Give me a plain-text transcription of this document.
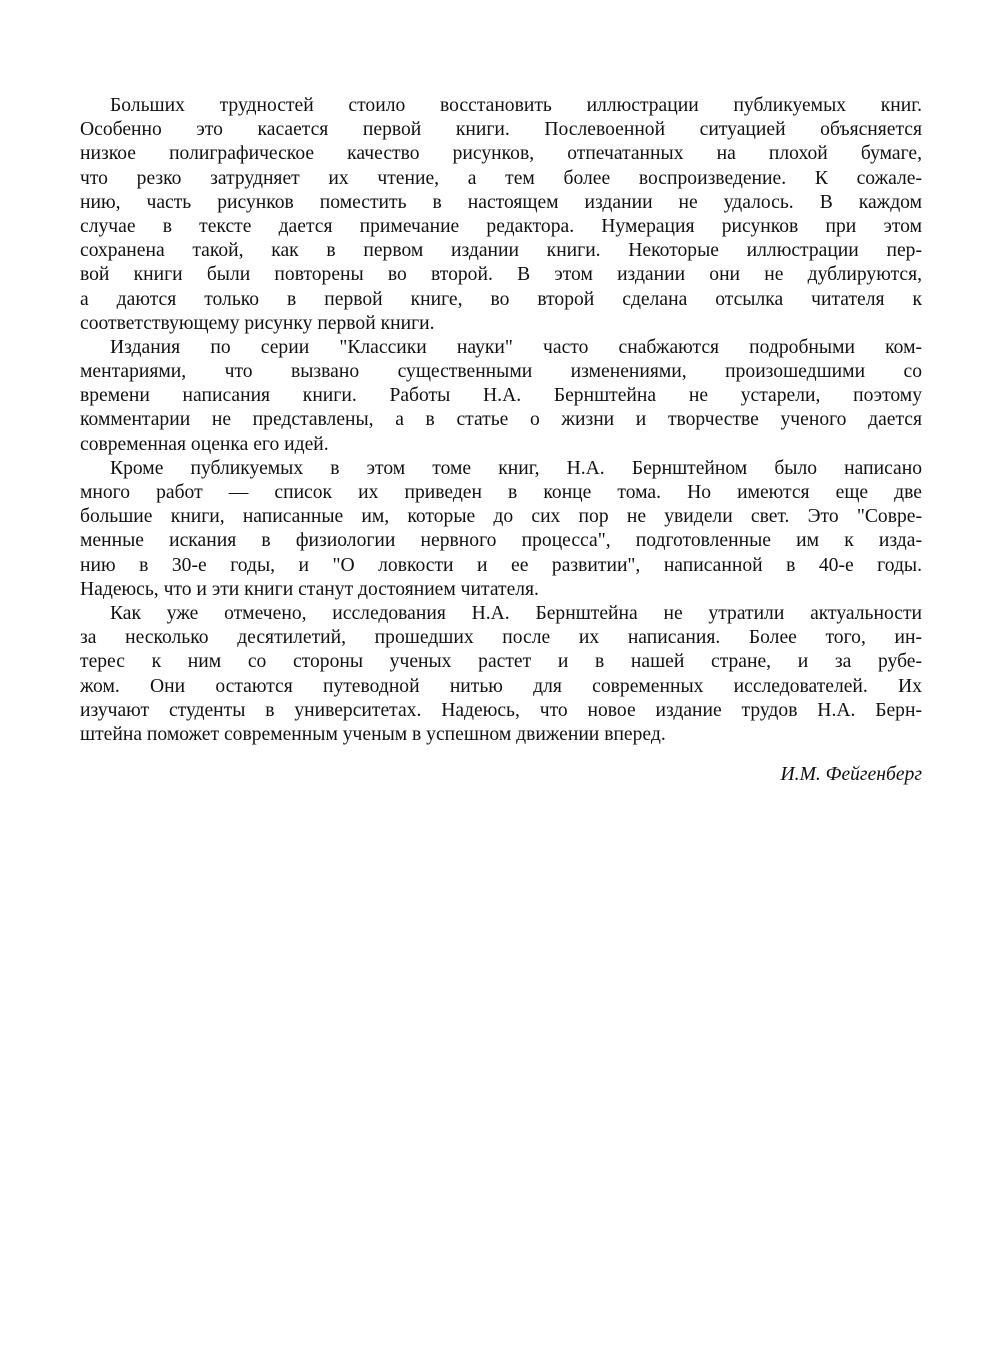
Больших трудностей стоило восстановить иллюстрации публикуемых книг.
Особенно это касается первой книги. Послевоенной ситуацией объясняется
низкое полиграфическое качество рисунков, отпечатанных на плохой бумаге,
что резко затрудняет их чтение, а тем более воспроизведение. К сожале-
нию, часть рисунков поместить в настоящем издании не удалось. В каждом
случае в тексте дается примечание редактора. Нумерация рисунков при этом
сохранена такой, как в первом издании книги. Некоторые иллюстрации пер-
вой книги были повторены во второй. В этом издании они не дублируются,
а даются только в первой книге, во второй сделана отсылка читателя к
соответствующему рисунку первой книги.
Издания по серии "Классики науки" часто снабжаются подробными ком-
ментариями, что вызвано существенными изменениями, произошедшими со
времени написания книги. Работы Н.А. Бернштейна не устарели, поэтому
комментарии не представлены, а в статье о жизни и творчестве ученого дается
современная оценка его идей.
Кроме публикуемых в этом томе книг, Н.А. Бернштейном было написано
много работ — список их приведен в конце тома. Но имеются еще две
большие книги, написанные им, которые до сих пор не увидели свет. Это "Совре-
менные искания в физиологии нервного процесса", подготовленные им к изда-
нию в 30-е годы, и "О ловкости и ее развитии", написанной в 40-е годы.
Надеюсь, что и эти книги станут достоянием читателя.
Как уже отмечено, исследования Н.А. Бернштейна не утратили актуальности
за несколько десятилетий, прошедших после их написания. Более того, ин-
терес к ним со стороны ученых растет и в нашей стране, и за рубе-
жом. Они остаются путеводной нитью для современных исследователей. Их
изучают студенты в университетах. Надеюсь, что новое издание трудов Н.А. Берн-
штейна поможет современным ученым в успешном движении вперед.
И.М. Фейгенберг
